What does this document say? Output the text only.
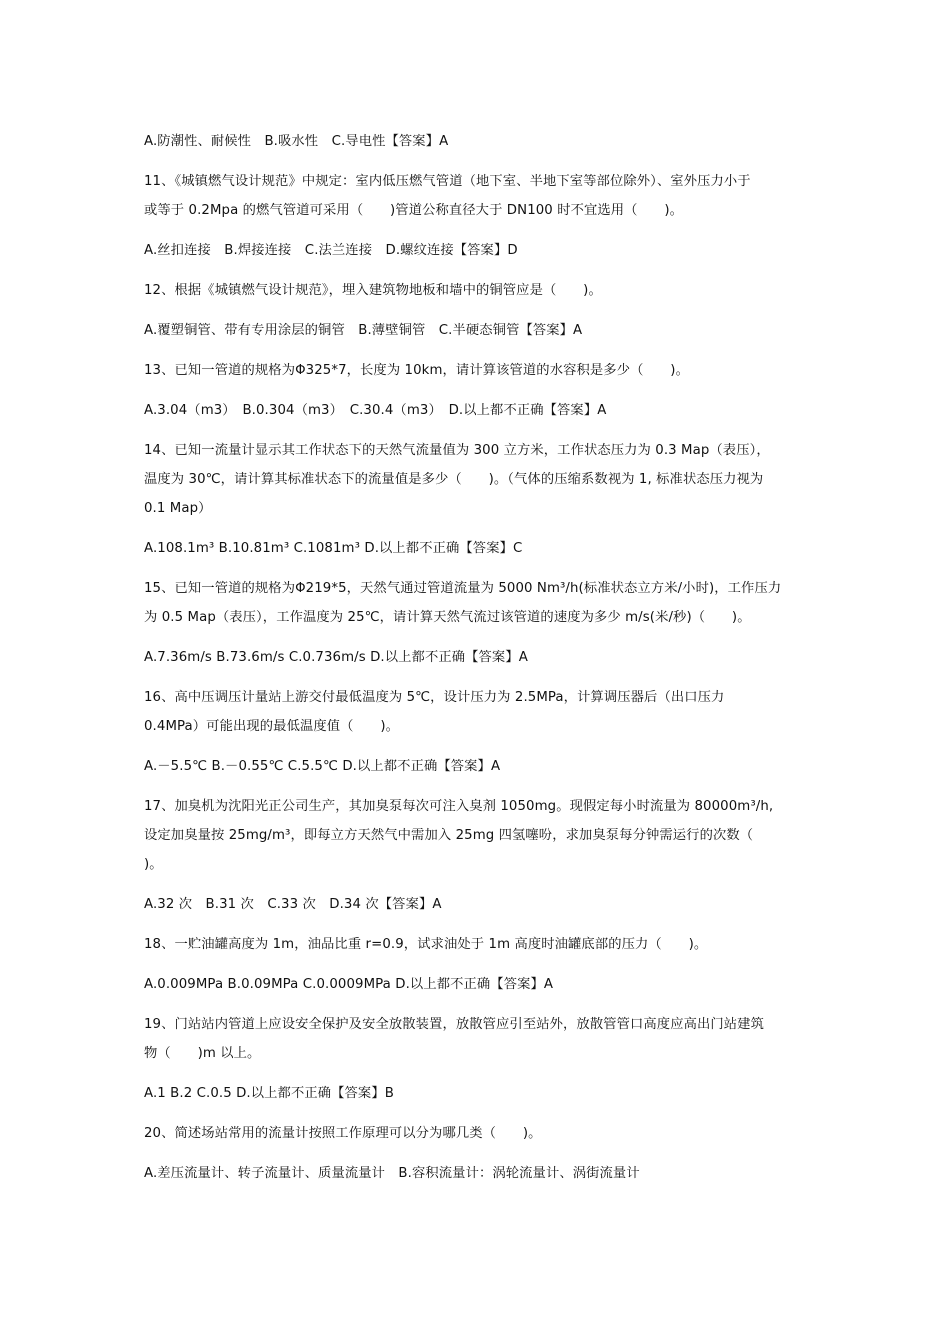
A.防潮性、耐候性　B.吸水性　C.导电性【答案】A
11、《城镇燃气设计规范》中规定：室内低压燃气管道（地下室、半地下室等部位除外）、室外压力小于
或等于 0.2Mpa 的燃气管道可采用（　　)管道公称直径大于 DN100 时不宜选用（　　)。
A.丝扣连接　B.焊接连接　C.法兰连接　D.螺纹连接【答案】D
12、根据《城镇燃气设计规范》，埋入建筑物地板和墙中的铜管应是（　　)。
A.覆塑铜管、带有专用涂层的铜管　B.薄壁铜管　C.半硬态铜管【答案】A
13、已知一管道的规格为Φ325*7，长度为 10km，请计算该管道的水容积是多少（　　)。
A.3.04（m3）　B.0.304（m3）　C.30.4（m3）　D.以上都不正确【答案】A
14、已知一流量计显示其工作状态下的天然气流量值为 300 立方米，工作状态压力为 0.3 Map（表压），
温度为 30℃，请计算其标准状态下的流量值是多少（　　)。（气体的压缩系数视为 1, 标准状态压力视为
0.1 Map）
A.108.1m³ B.10.81m³ C.1081m³ D.以上都不正确【答案】C
15、已知一管道的规格为Φ219*5，天然气通过管道流量为 5000 Nm³/h(标准状态立方米/小时)，工作压力
为 0.5 Map（表压），工作温度为 25℃，请计算天然气流过该管道的速度为多少 m/s(米/秒)（　　)。
A.7.36m/s B.73.6m/s C.0.736m/s D.以上都不正确【答案】A
16、高中压调压计量站上游交付最低温度为 5℃，设计压力为 2.5MPa，计算调压器后（出口压力
0.4MPa）可能出现的最低温度值（　　)。
A.－5.5℃ B.－0.55℃ C.5.5℃ D.以上都不正确【答案】A
17、加臭机为沈阳光正公司生产，其加臭泵每次可注入臭剂 1050mg。现假定每小时流量为 80000m³/h,
设定加臭量按 25mg/m³，即每立方天然气中需加入 25mg 四氢噻吩，求加臭泵每分钟需运行的次数（
)。
A.32 次　B.31 次　C.33 次　D.34 次【答案】A
18、一贮油罐高度为 1m，油品比重 r=0.9，试求油处于 1m 高度时油罐底部的压力（　　)。
A.0.009MPa B.0.09MPa C.0.0009MPa D.以上都不正确【答案】A
19、门站站内管道上应设安全保护及安全放散装置，放散管应引至站外，放散管管口高度应高出门站建筑
物（　　)m 以上。
A.1 B.2 C.0.5 D.以上都不正确【答案】B
20、简述场站常用的流量计按照工作原理可以分为哪几类（　　)。
A.差压流量计、转子流量计、质量流量计　B.容积流量计：涡轮流量计、涡街流量计
